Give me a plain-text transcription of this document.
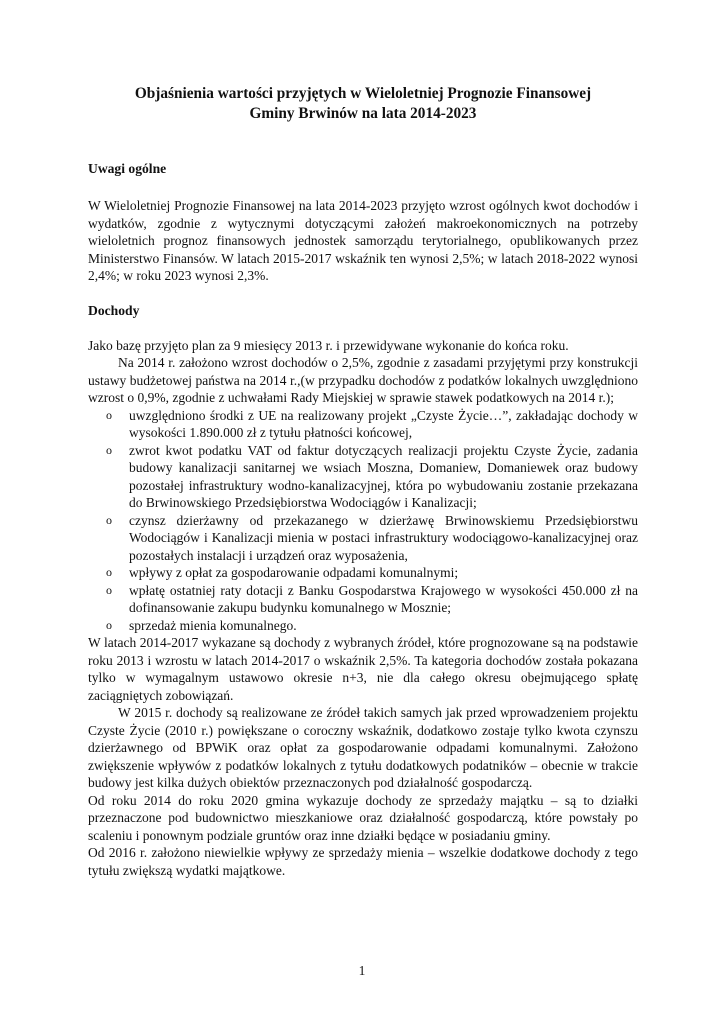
Objaśnienia wartości przyjętych w Wieloletniej Prognozie Finansowej

Gminy Brwinów na lata 2014-2023

Uwagi ogólne

W Wieloletniej Prognozie Finansowej na lata 2014-2023 przyjęto wzrost ogólnych kwot dochodów i wydatków, zgodnie z wytycznymi dotyczącymi założeń makroekonomicznych na potrzeby wieloletnich prognoz finansowych jednostek samorządu terytorialnego, opublikowanych przez Ministerstwo Finansów. W latach 2015-2017 wskaźnik ten wynosi 2,5%; w latach 2018-2022 wynosi 2,4%; w roku 2023 wynosi 2,3%.

Dochody

Jako bazę przyjęto plan za 9 miesięcy 2013 r. i przewidywane wykonanie do końca roku.

Na 2014 r. założono wzrost dochodów o 2,5%, zgodnie z zasadami przyjętymi przy konstrukcji ustawy budżetowej państwa na 2014 r.,(w przypadku dochodów z podatków lokalnych uwzględniono wzrost o 0,9%, zgodnie z uchwałami Rady Miejskiej w sprawie stawek podatkowych na 2014 r.);

o uwzględniono środki z UE na realizowany projekt „Czyste Życie…”, zakładając dochody w wysokości 1.890.000 zł z tytułu płatności końcowej,
o zwrot kwot podatku VAT od faktur dotyczących realizacji projektu Czyste Życie, zadania budowy kanalizacji sanitarnej we wsiach Moszna, Domaniew, Domaniewek oraz budowy pozostałej infrastruktury wodno-kanalizacyjnej, która po wybudowaniu zostanie przekazana do Brwinowskiego Przedsiębiorstwa Wodociągów i Kanalizacji;
o czynsz dzierżawny od przekazanego w dzierżawę Brwinowskiemu Przedsiębiorstwu Wodociągów i Kanalizacji mienia w postaci infrastruktury wodociągowo-kanalizacyjnej oraz pozostałych instalacji i urządzeń oraz wyposażenia,
o wpływy z opłat za gospodarowanie odpadami komunalnymi;
o wpłatę ostatniej raty dotacji z Banku Gospodarstwa Krajowego w wysokości 450.000 zł na dofinansowanie zakupu budynku komunalnego w Mosznie;
o sprzedaż mienia komunalnego.

W latach 2014-2017 wykazane są dochody z wybranych źródeł, które prognozowane są na podstawie roku 2013 i wzrostu w latach 2014-2017 o wskaźnik 2,5%. Ta kategoria dochodów została pokazana tylko w wymagalnym ustawowo okresie n+3, nie dla całego okresu obejmującego spłatę zaciągniętych zobowiązań.

W 2015 r. dochody są realizowane ze źródeł takich samych jak przed wprowadzeniem projektu Czyste Życie (2010 r.) powiększane o coroczny wskaźnik, dodatkowo zostaje tylko kwota czynszu dzierżawnego od BPWiK oraz opłat za gospodarowanie odpadami komunalnymi. Założono zwiększenie wpływów z podatków lokalnych z tytułu dodatkowych podatników – obecnie w trakcie budowy jest kilka dużych obiektów przeznaczonych pod działalność gospodarczą.

Od roku 2014 do roku 2020 gmina wykazuje dochody ze sprzedaży majątku – są to działki przeznaczone pod budownictwo mieszkaniowe oraz działalność gospodarczą, które powstały po scaleniu i ponownym podziale gruntów oraz inne działki będące w posiadaniu gminy.

Od 2016 r. założono niewielkie wpływy ze sprzedaży mienia – wszelkie dodatkowe dochody z tego tytułu zwiększą wydatki majątkowe.

1
